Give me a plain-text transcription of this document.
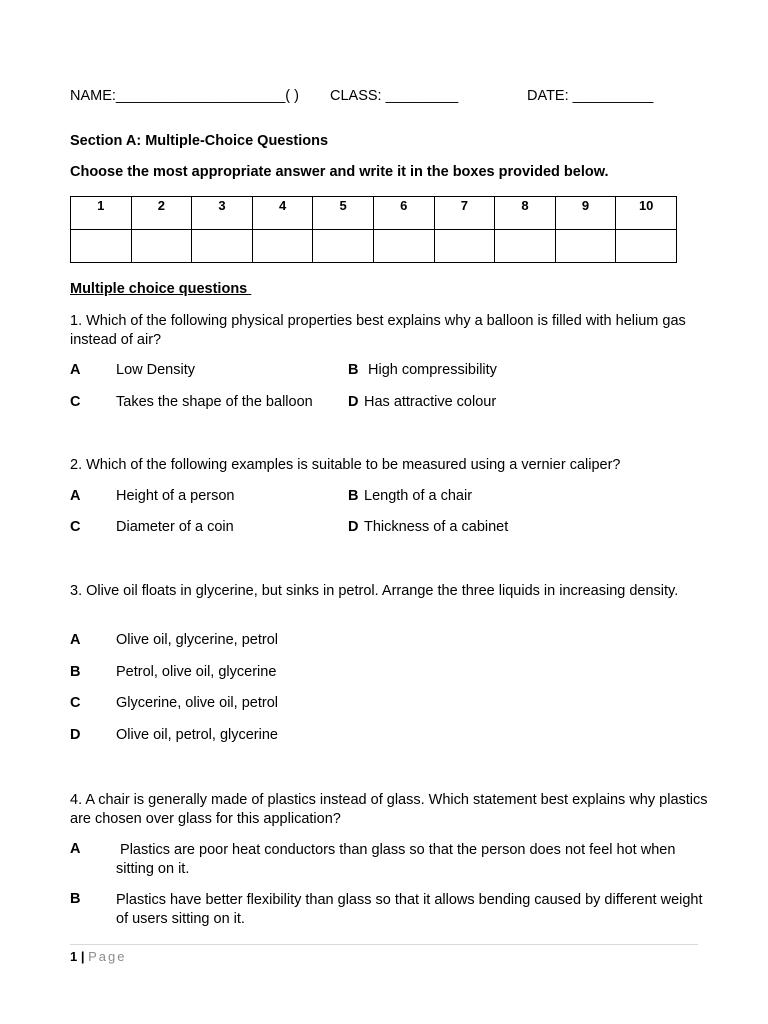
NAME:_____________________( ) CLASS: _________	DATE: __________
Section A: Multiple-Choice Questions
Choose the most appropriate answer and write it in the boxes provided below.
1	2	3	4	5	6	7	8	9	10

Multiple choice questions
1. Which of the following physical properties best explains why a balloon is filled with helium gas instead of air?
A Low Density	B High compressibility
C Takes the shape of the balloon D Has attractive colour
2. Which of the following examples is suitable to be measured using a vernier caliper?
A Height of a person	B Length of a chair
C Diameter of a coin	D Thickness of a cabinet
3. Olive oil floats in glycerine, but sinks in petrol. Arrange the three liquids in increasing density.
A Olive oil, glycerine, petrol
B Petrol, olive oil, glycerine
C Glycerine, olive oil, petrol
D Olive oil, petrol, glycerine
4. A chair is generally made of plastics instead of glass. Which statement best explains why plastics are chosen over glass for this application?
A Plastics are poor heat conductors than glass so that the person does not feel hot when sitting on it.
B Plastics have better flexibility than glass so that it allows bending caused by different weight of users sitting on it.
1 | Page
